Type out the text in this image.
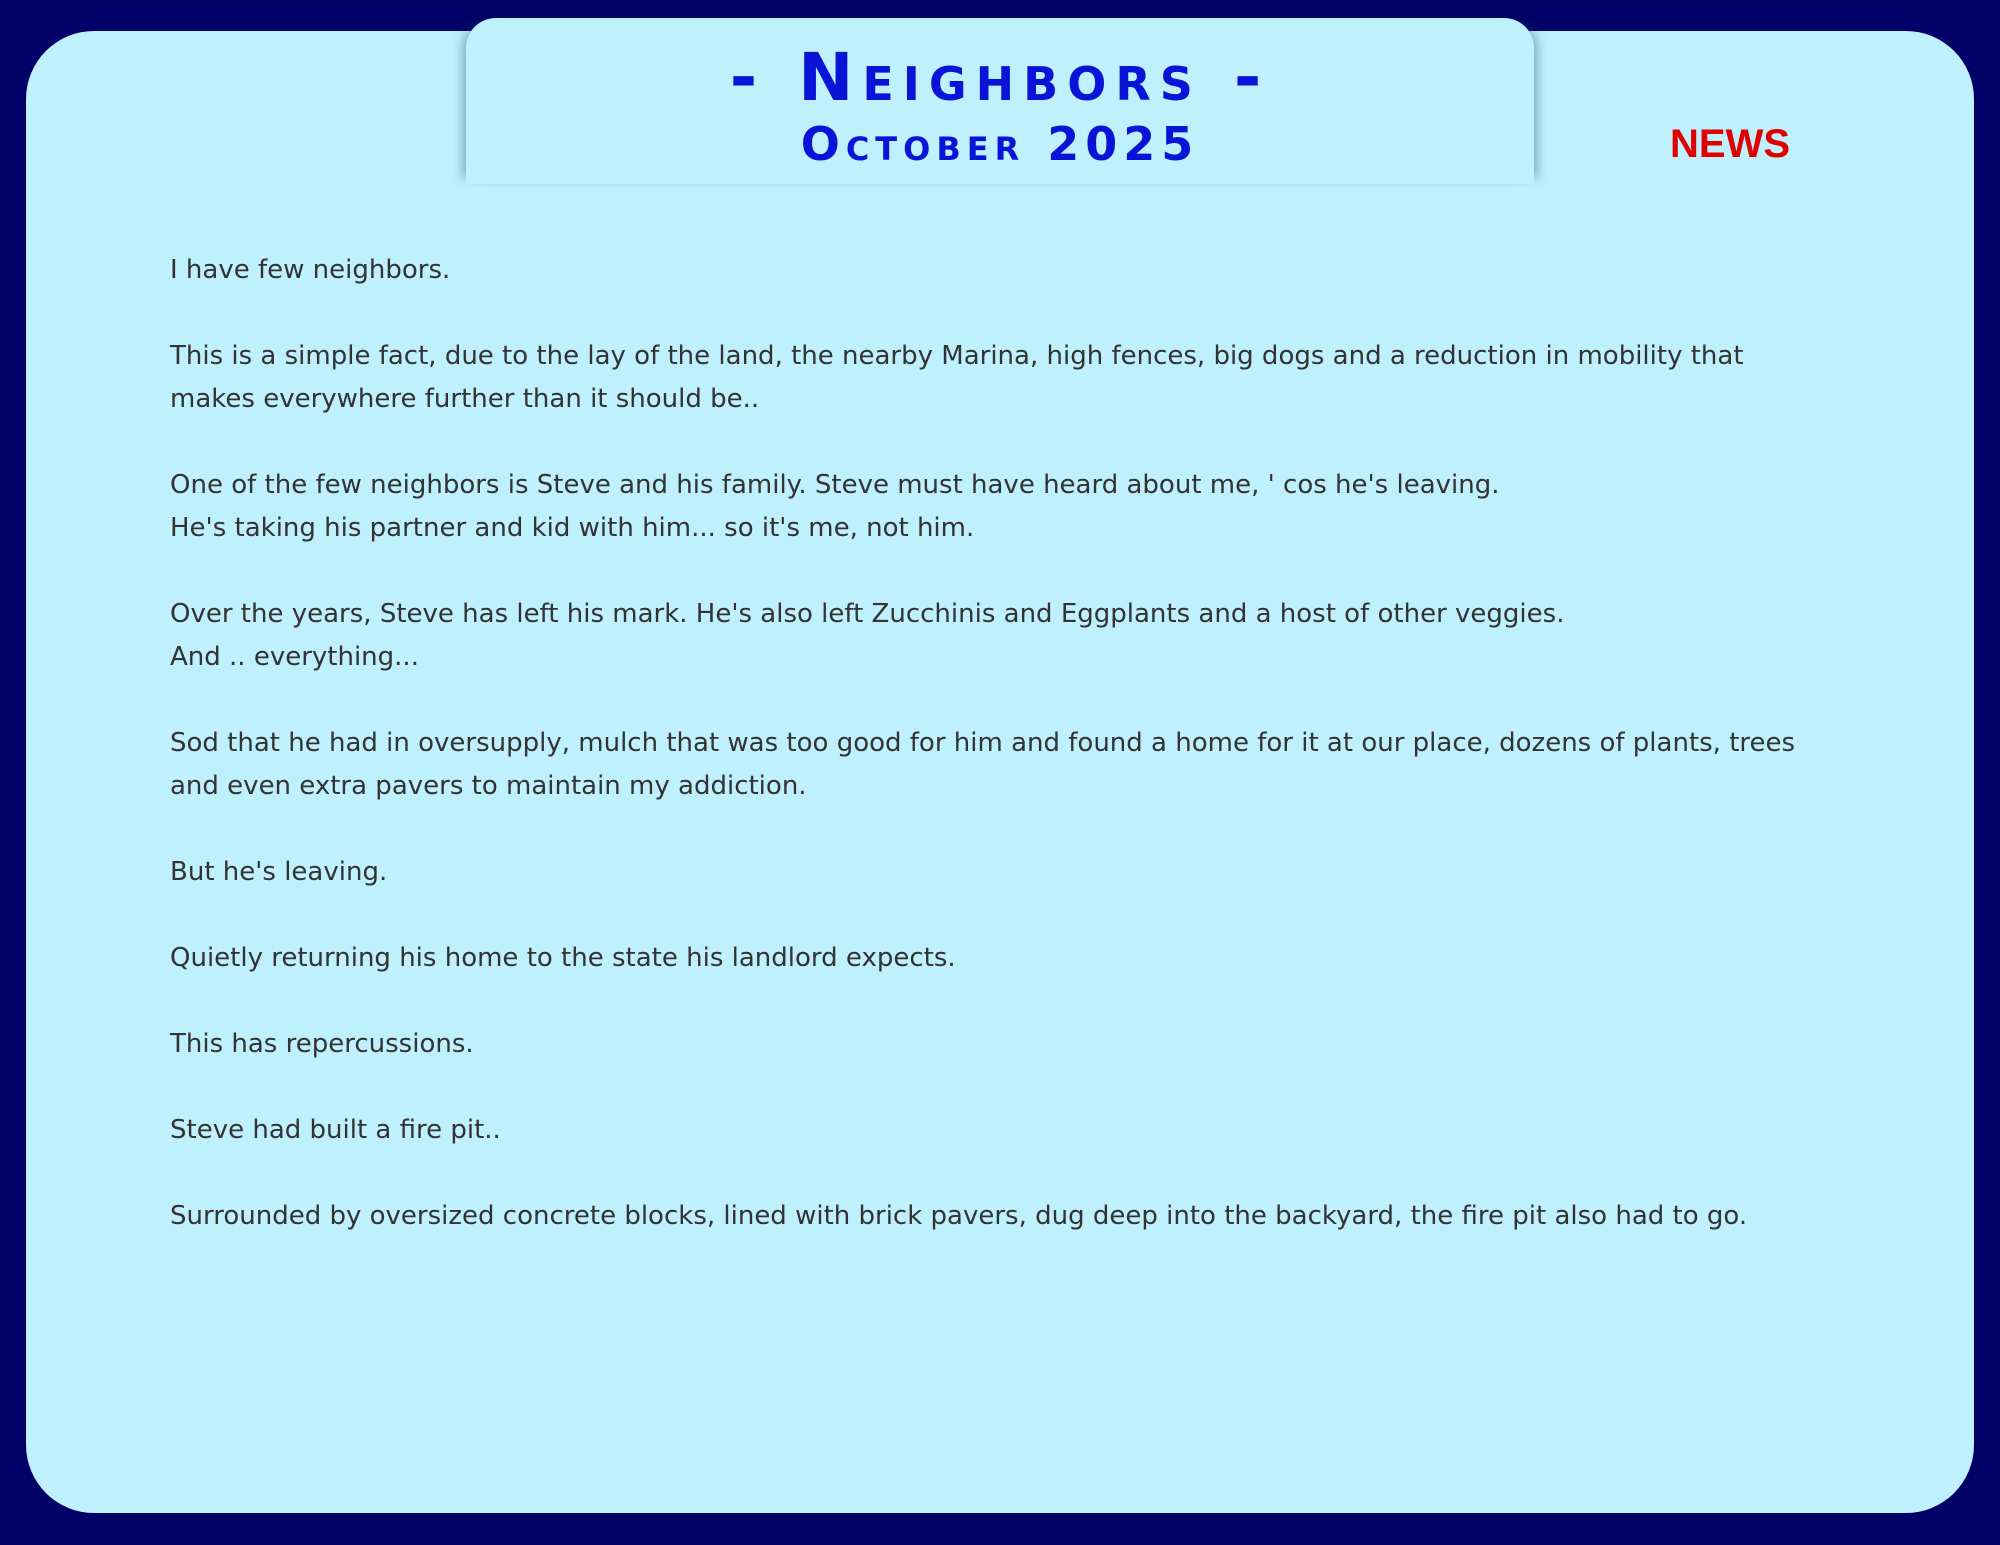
- Neighbors -
October 2025	NEWS

I have few neighbors.

This is a simple fact, due to the lay of the land, the nearby Marina, high fences, big dogs and a reduction in mobility that makes everywhere further than it should be..

One of the few neighbors is Steve and his family. Steve must have heard about me, ' cos he's leaving.
He's taking his partner and kid with him... so it's me, not him.

Over the years, Steve has left his mark. He's also left Zucchinis and Eggplants and a host of other veggies.
And .. everything...

Sod that he had in oversupply, mulch that was too good for him and found a home for it at our place, dozens of plants, trees and even extra pavers to maintain my addiction.

But he's leaving.

Quietly returning his home to the state his landlord expects.

This has repercussions.

Steve had built a fire pit..

Surrounded by oversized concrete blocks, lined with brick pavers, dug deep into the backyard, the fire pit also had to go.
